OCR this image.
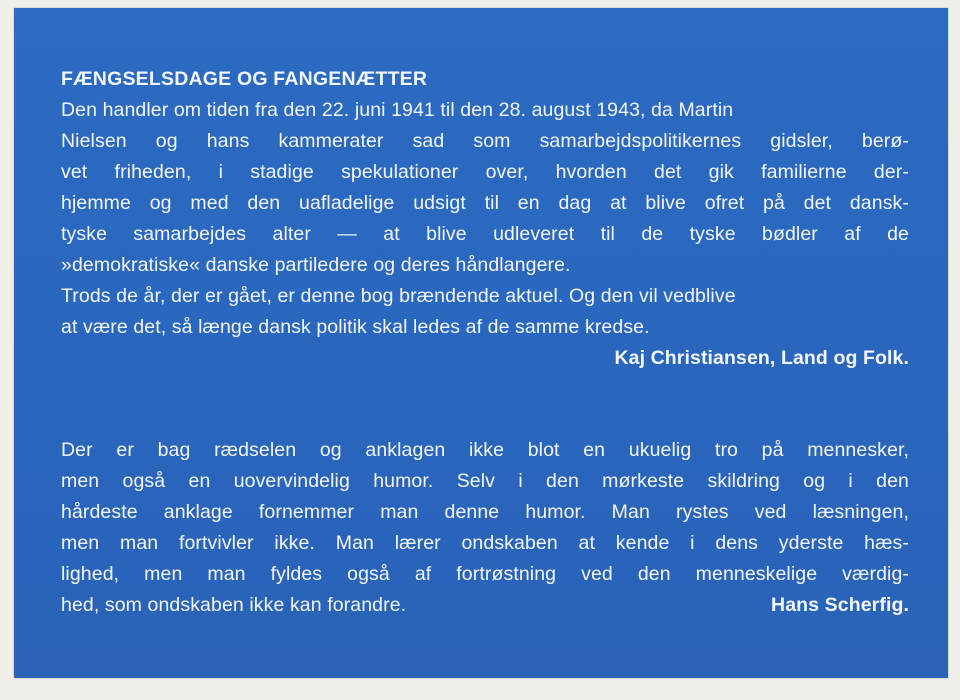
FÆNGSELSDAGE OG FANGENÆTTER
Den handler om tiden fra den 22. juni 1941 til den 28. august 1943, da Martin
Nielsen og hans kammerater sad som samarbejdspolitikernes gidsler, berø-
vet friheden, i stadige spekulationer over, hvorden det gik familierne der-
hjemme og med den uafladelige udsigt til en dag at blive ofret på det dansk-
tyske samarbejdes alter — at blive udleveret til de tyske bødler af de
»demokratiske« danske partiledere og deres håndlangere.
Trods de år, der er gået, er denne bog brændende aktuel. Og den vil vedblive
at være det, så længe dansk politik skal ledes af de samme kredse.
Kaj Christiansen, Land og Folk.
Der er bag rædselen og anklagen ikke blot en ukuelig tro på mennesker,
men også en uovervindelig humor. Selv i den mørkeste skildring og i den
hårdeste anklage fornemmer man denne humor. Man rystes ved læsningen,
men man fortvivler ikke. Man lærer ondskaben at kende i dens yderste hæs-
lighed, men man fyldes også af fortrøstning ved den menneskelige værdig-
hed, som ondskaben ikke kan forandre.	Hans Scherfig.
